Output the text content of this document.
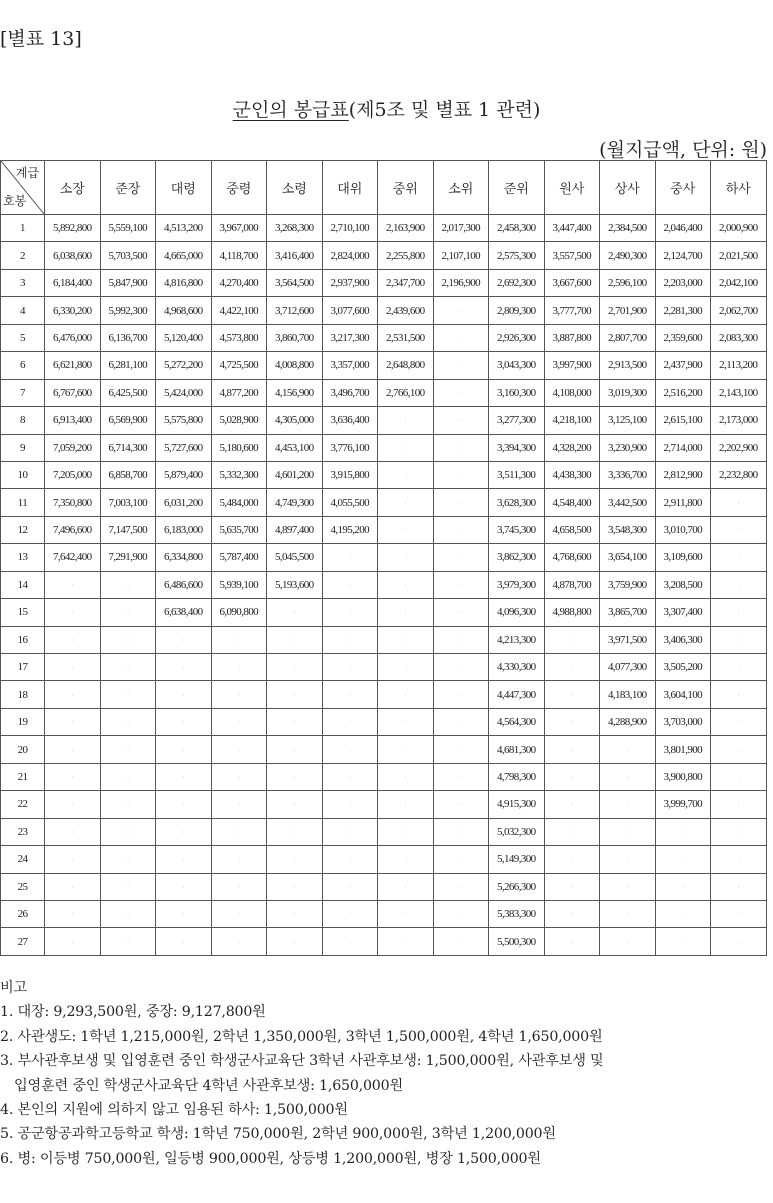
[별표 13]
군인의 봉급표(제5조 및 별표 1 관련)
(월지급액, 단위: 원)
계급
호봉	소장	준장	대령	중령	소령	대위	중위	소위	준위	원사	상사	중사	하사
1	5,892,800	5,559,100	4,513,200	3,967,000	3,268,300	2,710,100	2,163,900	2,017,300	2,458,300	3,447,400	2,384,500	2,046,400	2,000,900
2	6,038,600	5,703,500	4,665,000	4,118,700	3,416,400	2,824,000	2,255,800	2,107,100	2,575,300	3,557,500	2,490,300	2,124,700	2,021,500
3	6,184,400	5,847,900	4,816,800	4,270,400	3,564,500	2,937,900	2,347,700	2,196,900	2,692,300	3,667,600	2,596,100	2,203,000	2,042,100
4	6,330,200	5,992,300	4,968,600	4,422,100	3,712,600	3,077,600	2,439,600	·	2,809,300	3,777,700	2,701,900	2,281,300	2,062,700
5	6,476,000	6,136,700	5,120,400	4,573,800	3,860,700	3,217,300	2,531,500	·	2,926,300	3,887,800	2,807,700	2,359,600	2,083,300
6	6,621,800	6,281,100	5,272,200	4,725,500	4,008,800	3,357,000	2,648,800	·	3,043,300	3,997,900	2,913,500	2,437,900	2,113,200
7	6,767,600	6,425,500	5,424,000	4,877,200	4,156,900	3,496,700	2,766,100	·	3,160,300	4,108,000	3,019,300	2,516,200	2,143,100
8	6,913,400	6,569,900	5,575,800	5,028,900	4,305,000	3,636,400	·	·	3,277,300	4,218,100	3,125,100	2,615,100	2,173,000
9	7,059,200	6,714,300	5,727,600	5,180,600	4,453,100	3,776,100	·	·	3,394,300	4,328,200	3,230,900	2,714,000	2,202,900
10	7,205,000	6,858,700	5,879,400	5,332,300	4,601,200	3,915,800	·	·	3,511,300	4,438,300	3,336,700	2,812,900	2,232,800
11	7,350,800	7,003,100	6,031,200	5,484,000	4,749,300	4,055,500	·	·	3,628,300	4,548,400	3,442,500	2,911,800	·
12	7,496,600	7,147,500	6,183,000	5,635,700	4,897,400	4,195,200	·	·	3,745,300	4,658,500	3,548,300	3,010,700	·
13	7,642,400	7,291,900	6,334,800	5,787,400	5,045,500	·	·	·	3,862,300	4,768,600	3,654,100	3,109,600	·
14	·	·	6,486,600	5,939,100	5,193,600	·	·	·	3,979,300	4,878,700	3,759,900	3,208,500	·
15	·	·	6,638,400	6,090,800	·	·	·	·	4,096,300	4,988,800	3,865,700	3,307,400	·
16	·	·	·	·	·	·	·	·	4,213,300	·	3,971,500	3,406,300	·
17	·	·	·	·	·	·	·	·	4,330,300	·	4,077,300	3,505,200	·
18	·	·	·	·	·	·	·	·	4,447,300	·	4,183,100	3,604,100	·
19	·	·	·	·	·	·	·	·	4,564,300	·	4,288,900	3,703,000	·
20	·	·	·	·	·	·	·	·	4,681,300	·	·	3,801,900	·
21	·	·	·	·	·	·	·	·	4,798,300	·	·	3,900,800	·
22	·	·	·	·	·	·	·	·	4,915,300	·	·	3,999,700	·
23	·	·	·	·	·	·	·	·	5,032,300	·	·	·	·
24	·	·	·	·	·	·	·	·	5,149,300	·	·	·	·
25	·	·	·	·	·	·	·	·	5,266,300	·	·	·	·
26	·	·	·	·	·	·	·	·	5,383,300	·	·	·	·
27	·	·	·	·	·	·	·	·	5,500,300	·	·	·	·
비고
1. 대장: 9,293,500원, 중장: 9,127,800원
2. 사관생도: 1학년 1,215,000원, 2학년 1,350,000원, 3학년 1,500,000원, 4학년 1,650,000원
3. 부사관후보생 및 입영훈련 중인 학생군사교육단 3학년 사관후보생: 1,500,000원, 사관후보생 및
입영훈련 중인 학생군사교육단 4학년 사관후보생: 1,650,000원
4. 본인의 지원에 의하지 않고 임용된 하사: 1,500,000원
5. 공군항공과학고등학교 학생: 1학년 750,000원, 2학년 900,000원, 3학년 1,200,000원
6. 병: 이등병 750,000원, 일등병 900,000원, 상등병 1,200,000원, 병장 1,500,000원
